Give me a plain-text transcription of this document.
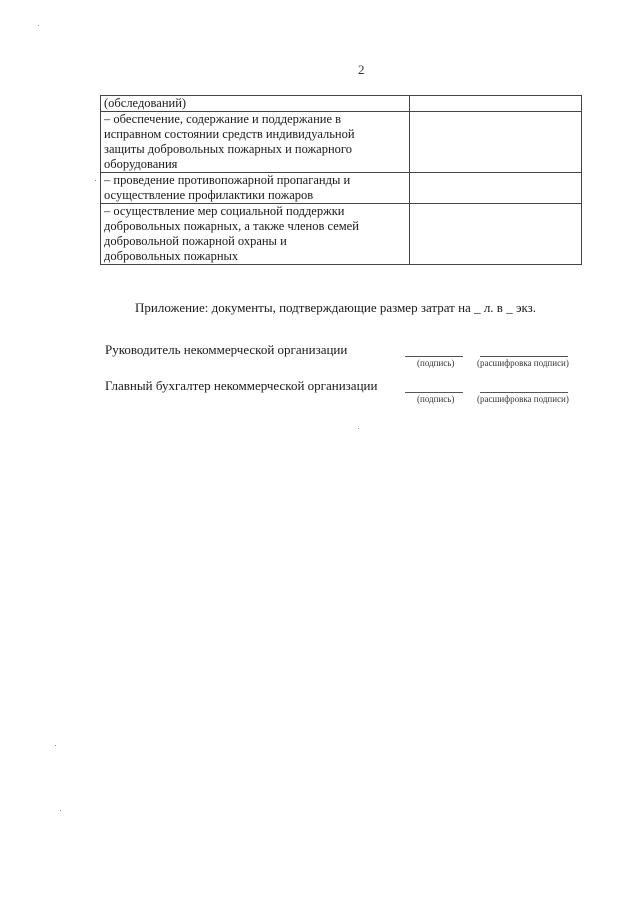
2
(обследований)	

– обеспечение, содержание и поддержание в
исправном состоянии средств индивидуальной
защиты добровольных пожарных и пожарного
оборудования	

– проведение противопожарной пропаганды и
осуществление профилактики пожаров	

– осуществление мер социальной поддержки
добровольных пожарных, а также членов семей
добровольной пожарной охраны и
добровольных пожарных	

Приложение: документы, подтверждающие размер затрат на _ л. в _ экз.
Руководитель некоммерческой организации
(подпись)	(расшифровка подписи)
Главный бухгалтер некоммерческой организации
(подпись)	(расшифровка подписи)
